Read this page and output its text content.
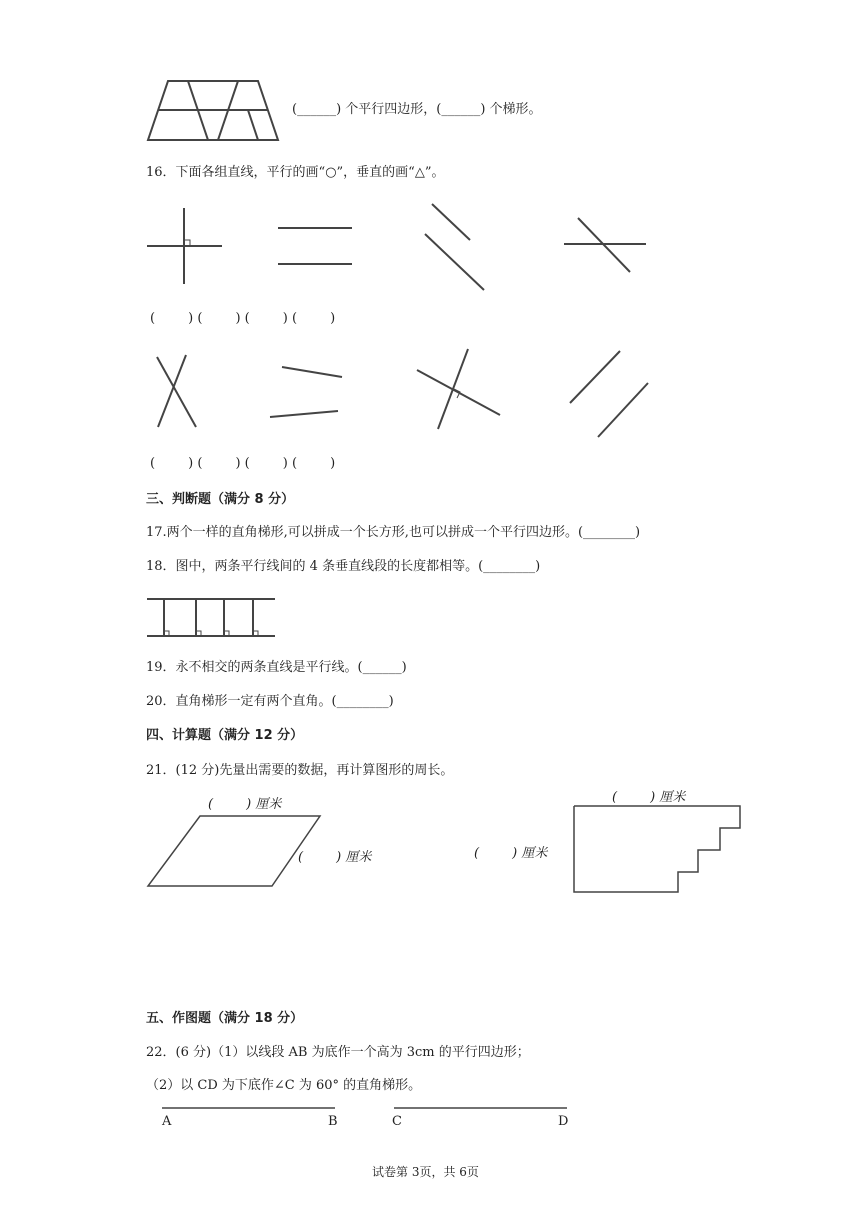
(______) 个平行四边形，(______) 个梯形。
16．下面各组直线，平行的画“○”，垂直的画“△”。
(        ) (        ) (        ) (        )
(        ) (        ) (        ) (        )
三、判断题（满分 8 分）
17.两个一样的直角梯形,可以拼成一个长方形,也可以拼成一个平行四边形。(________)
18．图中，两条平行线间的 4 条垂直线段的长度都相等。(________)
19．永不相交的两条直线是平行线。(______)
20．直角梯形一定有两个直角。(________)
四、计算题（满分 12 分）
21．(12 分)先量出需要的数据，再计算图形的周长。
(        ) 厘米
(        ) 厘米
(        ) 厘米
(        ) 厘米
五、作图题（满分 18 分）
22．(6 分)（1）以线段 AB 为底作一个高为 3cm 的平行四边形；
（2）以 CD 为下底作∠C 为 60° 的直角梯形。
A	B	C	D
试卷第 3页，共 6页
